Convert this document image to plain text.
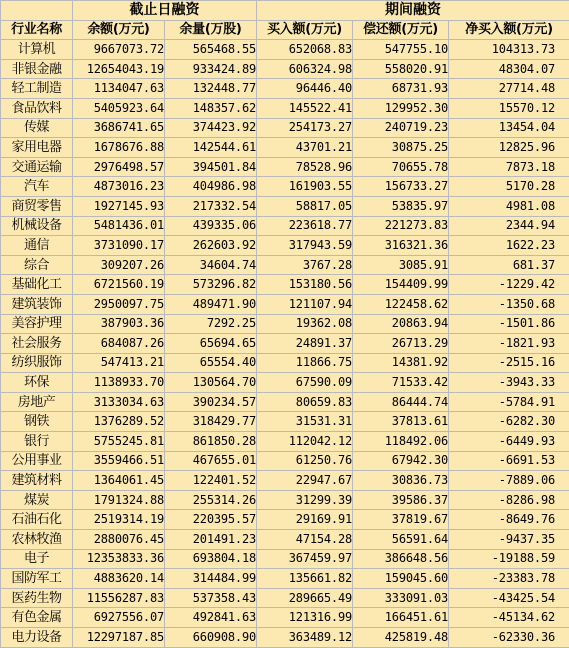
	截止日融资		期间融资		
行业名称	余额(万元)	余量(万股)	买入额(万元)	偿还额(万元)	净买入额(万元)
计算机	9667073.72	565468.55	652068.83	547755.10	104313.73
非银金融	12654043.19	933424.89	606324.98	558020.91	48304.07
轻工制造	1134047.63	132448.77	96446.40	68731.93	27714.48
食品饮料	5405923.64	148357.62	145522.41	129952.30	15570.12
传媒	3686741.65	374423.92	254173.27	240719.23	13454.04
家用电器	1678676.88	142544.61	43701.21	30875.25	12825.96
交通运输	2976498.57	394501.84	78528.96	70655.78	7873.18
汽车	4873016.23	404986.98	161903.55	156733.27	5170.28
商贸零售	1927145.93	217332.54	58817.05	53835.97	4981.08
机械设备	5481436.01	439335.06	223618.77	221273.83	2344.94
通信	3731090.17	262603.92	317943.59	316321.36	1622.23
综合	309207.26	34604.74	3767.28	3085.91	681.37
基础化工	6721560.19	573296.82	153180.56	154409.99	-1229.42
建筑装饰	2950097.75	489471.90	121107.94	122458.62	-1350.68
美容护理	387903.36	7292.25	19362.08	20863.94	-1501.86
社会服务	684087.26	65694.65	24891.37	26713.29	-1821.93
纺织服饰	547413.21	65554.40	11866.75	14381.92	-2515.16
环保	1138933.70	130564.70	67590.09	71533.42	-3943.33
房地产	3133034.63	390234.57	80659.83	86444.74	-5784.91
钢铁	1376289.52	318429.77	31531.31	37813.61	-6282.30
银行	5755245.81	861850.28	112042.12	118492.06	-6449.93
公用事业	3559466.51	467655.01	61250.76	67942.30	-6691.53
建筑材料	1364061.45	122401.52	22947.67	30836.73	-7889.06
煤炭	1791324.88	255314.26	31299.39	39586.37	-8286.98
石油石化	2519314.19	220395.57	29169.91	37819.67	-8649.76
农林牧渔	2880076.45	201491.23	47154.28	56591.64	-9437.35
电子	12353833.36	693804.18	367459.97	386648.56	-19188.59
国防军工	4883620.14	314484.99	135661.82	159045.60	-23383.78
医药生物	11556287.83	537358.43	289665.49	333091.03	-43425.54
有色金属	6927556.07	492841.63	121316.99	166451.61	-45134.62
电力设备	12297187.85	660908.90	363489.12	425819.48	-62330.36
